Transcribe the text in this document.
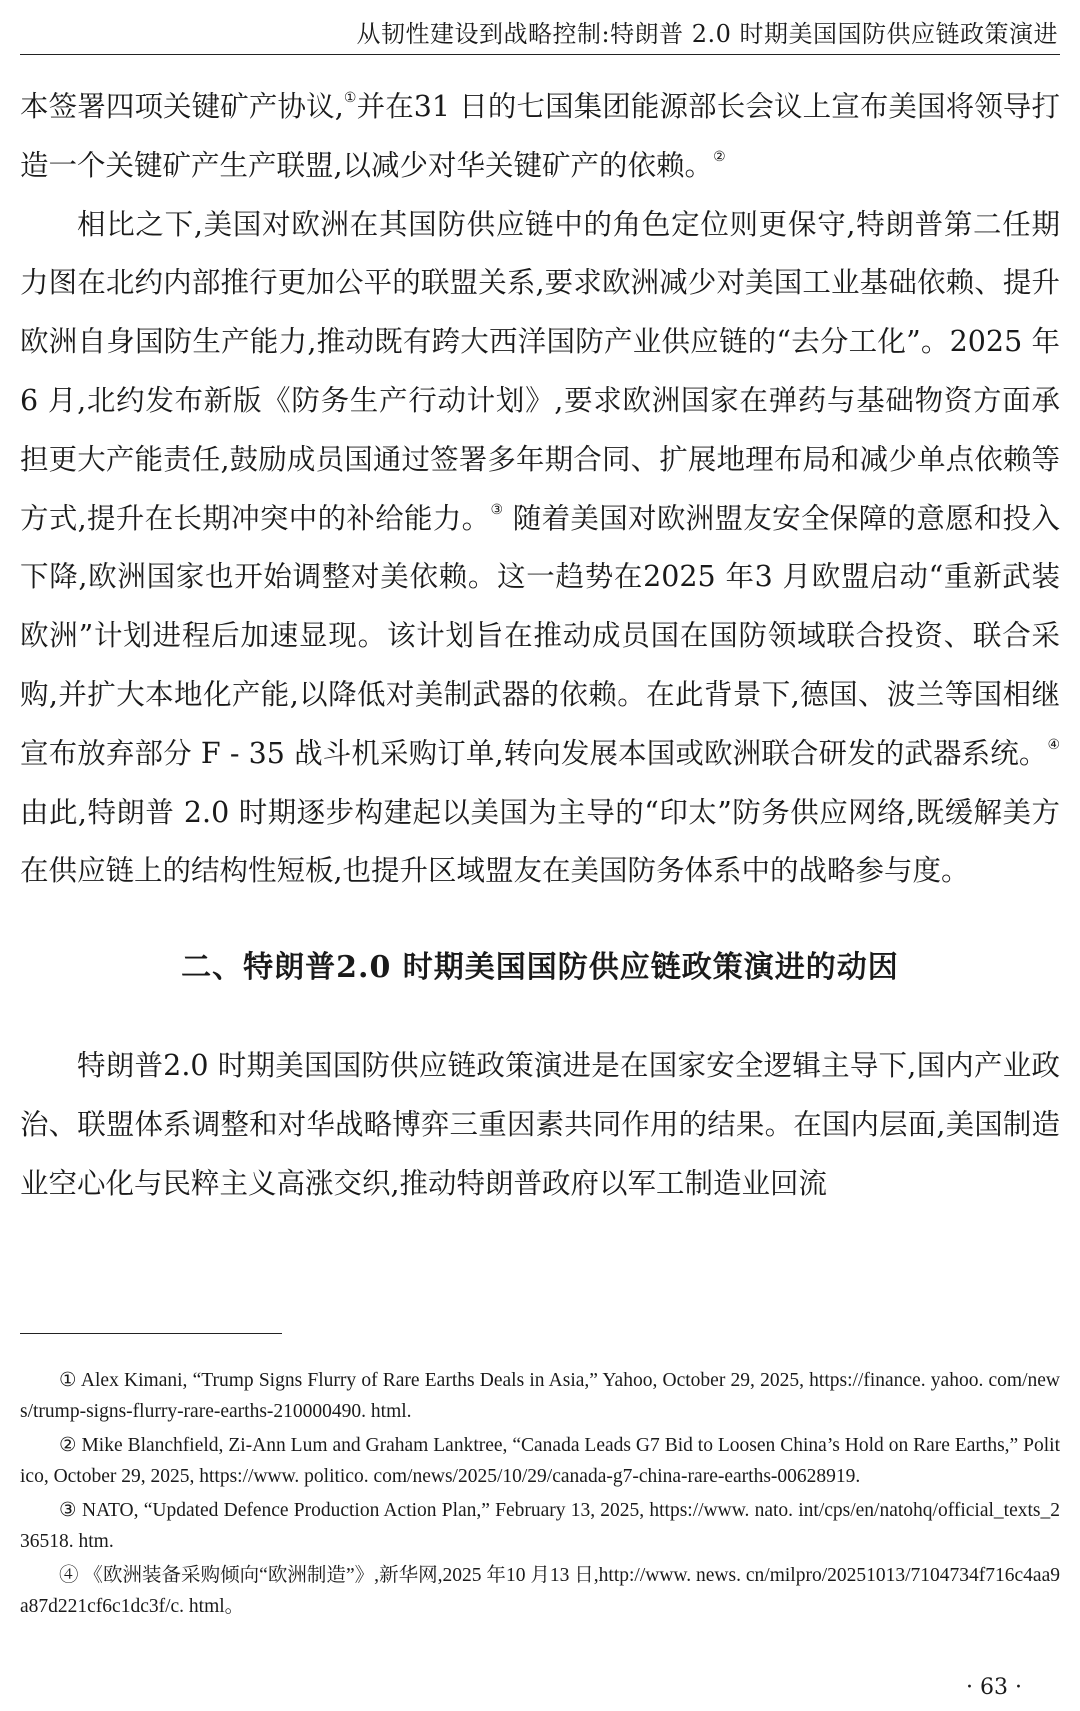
从韧性建设到战略控制:特朗普 2.0 时期美国国防供应链政策演进

本签署四项关键矿产协议,①并在31 日的七国集团能源部长会议上宣布美国将领导打造一个关键矿产生产联盟,以减少对华关键矿产的依赖。②

相比之下,美国对欧洲在其国防供应链中的角色定位则更保守,特朗普第二任期力图在北约内部推行更加公平的联盟关系,要求欧洲减少对美国工业基础依赖、提升欧洲自身国防生产能力,推动既有跨大西洋国防产业供应链的“去分工化”。2025 年6 月,北约发布新版《防务生产行动计划》,要求欧洲国家在弹药与基础物资方面承担更大产能责任,鼓励成员国通过签署多年期合同、扩展地理布局和减少单点依赖等方式,提升在长期冲突中的补给能力。③ 随着美国对欧洲盟友安全保障的意愿和投入下降,欧洲国家也开始调整对美依赖。这一趋势在2025 年3 月欧盟启动“重新武装欧洲”计划进程后加速显现。该计划旨在推动成员国在国防领域联合投资、联合采购,并扩大本地化产能,以降低对美制武器的依赖。在此背景下,德国、波兰等国相继宣布放弃部分 F - 35 战斗机采购订单,转向发展本国或欧洲联合研发的武器系统。④ 由此,特朗普 2.0 时期逐步构建起以美国为主导的“印太”防务供应网络,既缓解美方在供应链上的结构性短板,也提升区域盟友在美国防务体系中的战略参与度。

二、特朗普2.0 时期美国国防供应链政策演进的动因

特朗普2.0 时期美国国防供应链政策演进是在国家安全逻辑主导下,国内产业政治、联盟体系调整和对华战略博弈三重因素共同作用的结果。在国内层面,美国制造业空心化与民粹主义高涨交织,推动特朗普政府以军工制造业回流

① Alex Kimani, “Trump Signs Flurry of Rare Earths Deals in Asia,” Yahoo, October 29, 2025, https://finance. yahoo. com/news/trump-signs-flurry-rare-earths-210000490. html.

② Mike Blanchfield, Zi-Ann Lum and Graham Lanktree, “Canada Leads G7 Bid to Loosen China’s Hold on Rare Earths,” Politico, October 29, 2025, https://www. politico. com/news/2025/10/29/canada-g7-china-rare-earths-00628919.

③ NATO, “Updated Defence Production Action Plan,” February 13, 2025, https://www. nato. int/cps/en/natohq/official_texts_236518. htm.

④ 《欧洲装备采购倾向“欧洲制造”》,新华网,2025 年10 月13 日,http://www. news. cn/milpro/20251013/7104734f716c4aa9a87d221cf6c1dc3f/c. html。

· 63 ·
